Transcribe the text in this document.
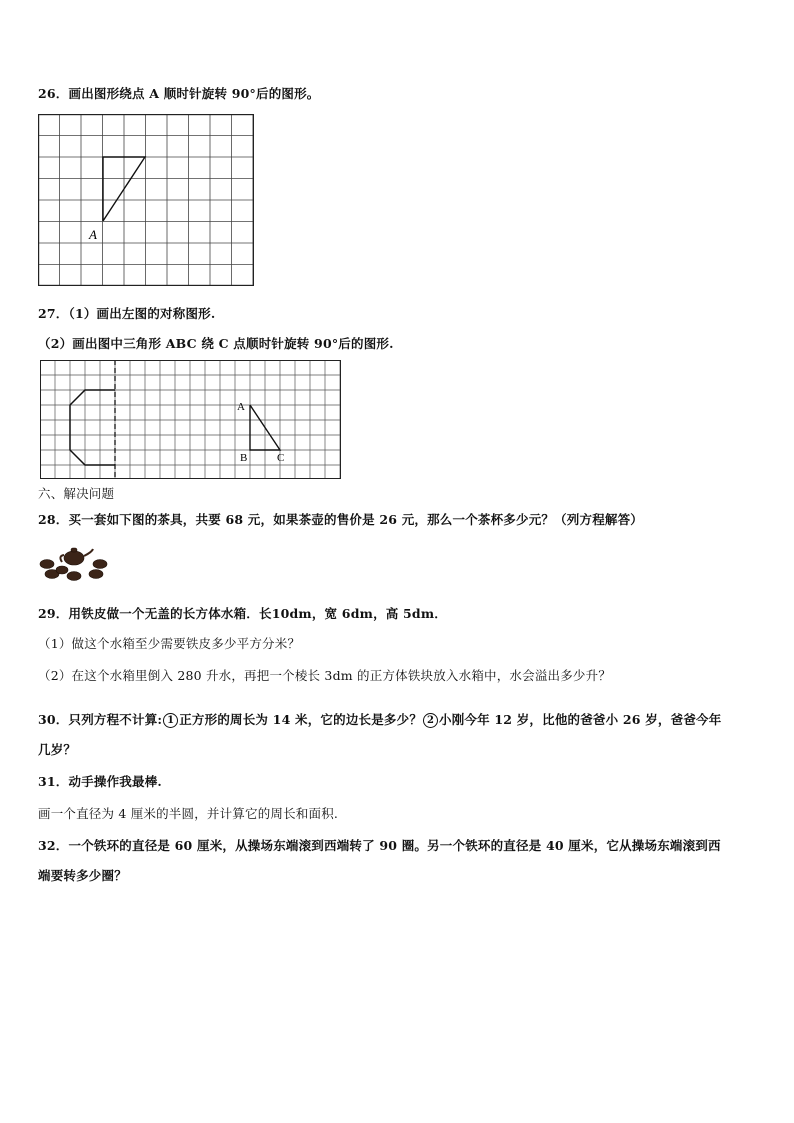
26．画出图形绕点 A 顺时针旋转 90°后的图形。
A
27．（1）画出左图的对称图形.
（2）画出图中三角形 ABC 绕 C 点顺时针旋转 90°后的图形.
A
B	C
六、解决问题
28．买一套如下图的茶具，共要 68 元，如果茶壶的售价是 26 元，那么一个茶杯多少元？（列方程解答）
29．用铁皮做一个无盖的长方体水箱．长10dm，宽 6dm，高 5dm．
（1）做这个水箱至少需要铁皮多少平方分米？
（2）在这个水箱里倒入 280 升水，再把一个棱长 3dm 的正方体铁块放入水箱中，水会溢出多少升？
30．只列方程不计算: 1 正方形的周长为 14 米，它的边长是多少？ 2 小刚今年 12 岁，比他的爸爸小 26 岁，爸爸今年
几岁？
31．动手操作我最棒.
画一个直径为 4 厘米的半圆，并计算它的周长和面积.
32．一个铁环的直径是 60 厘米，从操场东端滚到西端转了 90 圈。另一个铁环的直径是 40 厘米，它从操场东端滚到西
端要转多少圈？
